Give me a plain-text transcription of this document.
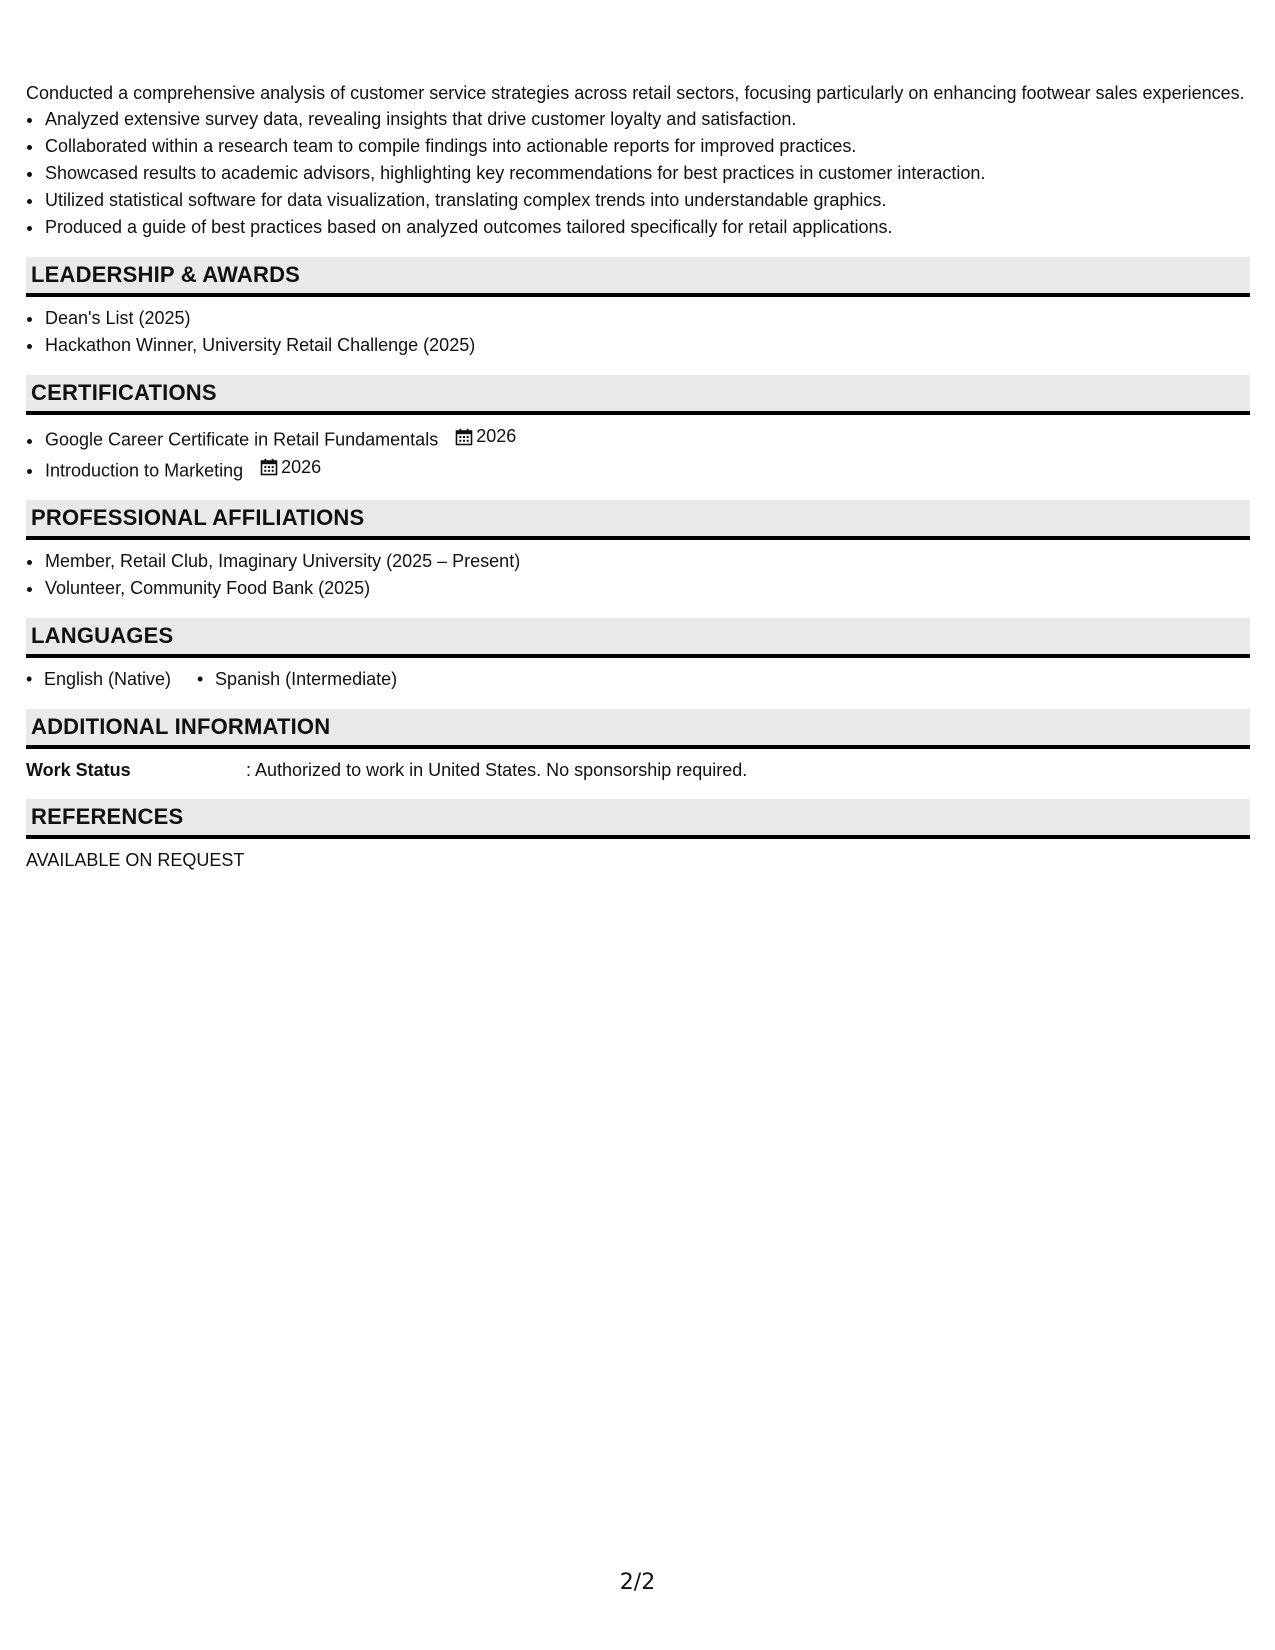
Conducted a comprehensive analysis of customer service strategies across retail sectors, focusing particularly on enhancing footwear sales experiences.

• Analyzed extensive survey data, revealing insights that drive customer loyalty and satisfaction.
• Collaborated within a research team to compile findings into actionable reports for improved practices.
• Showcased results to academic advisors, highlighting key recommendations for best practices in customer interaction.
• Utilized statistical software for data visualization, translating complex trends into understandable graphics.
• Produced a guide of best practices based on analyzed outcomes tailored specifically for retail applications.
LEADERSHIP & AWARDS
• Dean's List (2025)
• Hackathon Winner, University Retail Challenge (2025)
CERTIFICATIONS
• Google Career Certificate in Retail Fundamentals 2026
• Introduction to Marketing 2026
PROFESSIONAL AFFILIATIONS
• Member, Retail Club, Imaginary University (2025 – Present)
• Volunteer, Community Food Bank (2025)
LANGUAGES
• English (Native)
•	Spanish (Intermediate)
ADDITIONAL INFORMATION
Work Status	: Authorized to work in United States. No sponsorship required.
REFERENCES

AVAILABLE ON REQUEST

2/2
